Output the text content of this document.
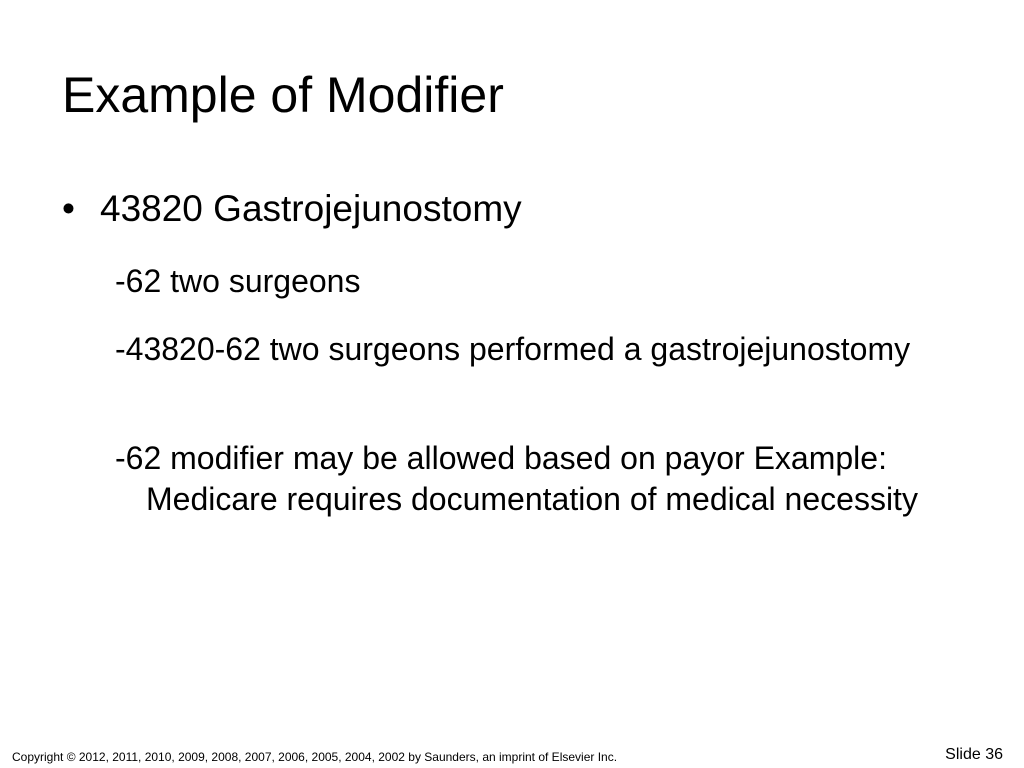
Example of Modifier
• 43820 Gastrojejunostomy
-62 two surgeons
-43820-62 two surgeons performed a gastrojejunostomy
-62 modifier may be allowed based on payor Example: Medicare requires documentation of medical necessity
Copyright © 2012, 2011, 2010, 2009, 2008, 2007, 2006, 2005, 2004, 2002 by Saunders, an imprint of Elsevier Inc.	Slide 36
